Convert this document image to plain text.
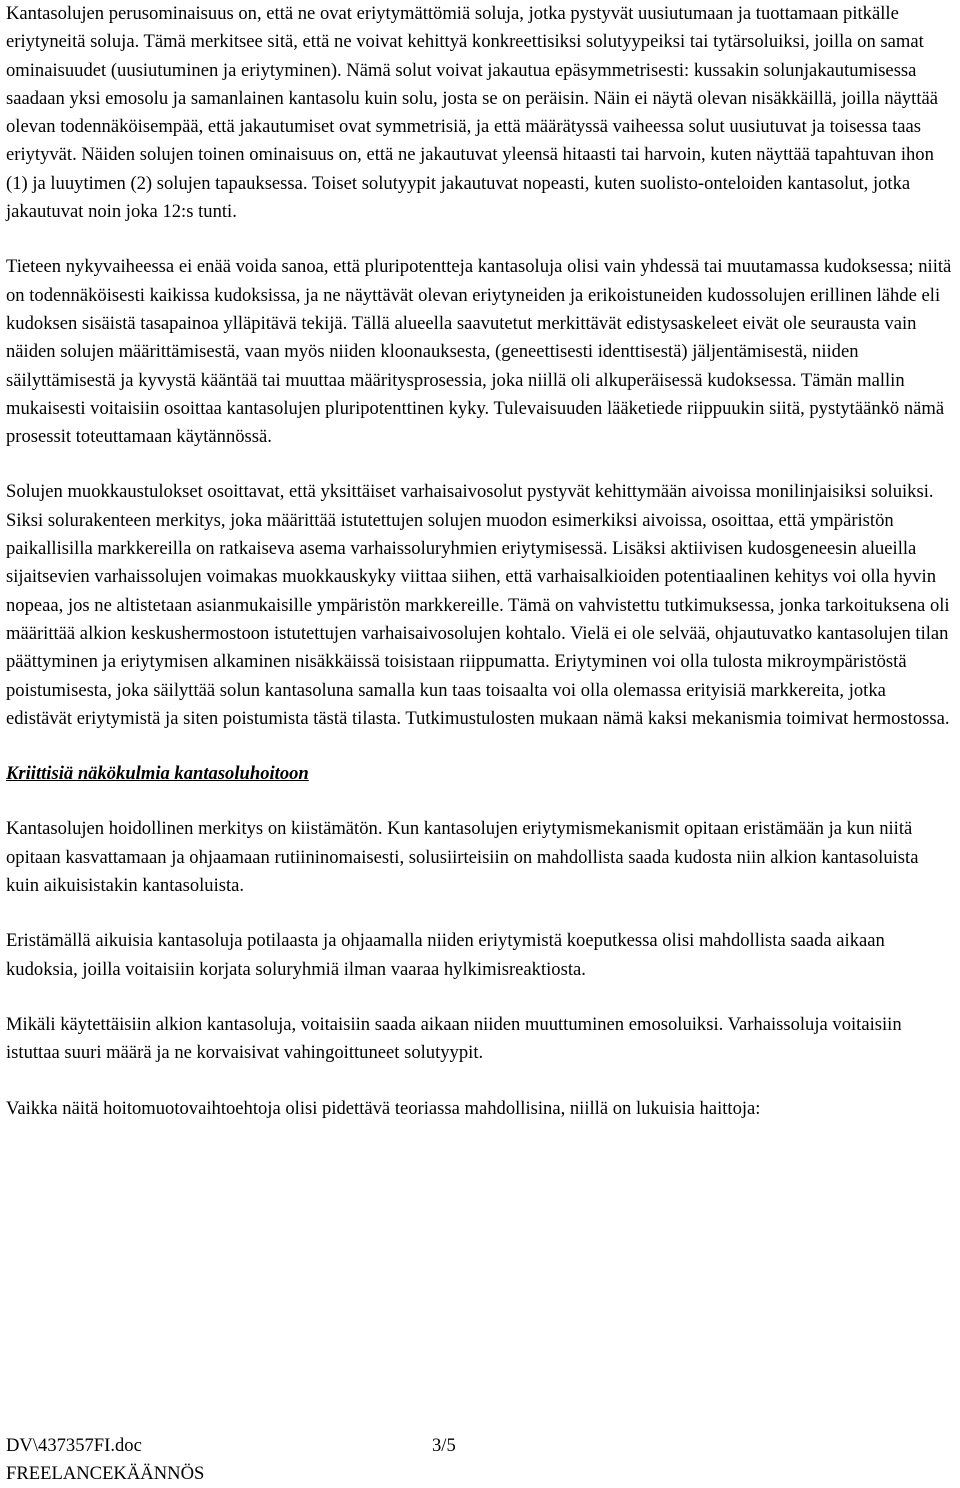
Kantasolujen perusominaisuus on, että ne ovat eriytymättömiä soluja, jotka pystyvät uusiutumaan ja tuottamaan pitkälle eriytyneitä soluja. Tämä merkitsee sitä, että ne voivat kehittyä konkreettisiksi solutyypeiksi tai tytärsoluiksi, joilla on samat ominaisuudet (uusiutuminen ja eriytyminen). Nämä solut voivat jakautua epäsymmetrisesti: kussakin solunjakautumisessa saadaan yksi emosolu ja samanlainen kantasolu kuin solu, josta se on peräisin. Näin ei näytä olevan nisäkkäillä, joilla näyttää olevan todennäköisempää, että jakautumiset ovat symmetrisiä, ja että määrätyssä vaiheessa solut uusiutuvat ja toisessa taas eriytyvät. Näiden solujen toinen ominaisuus on, että ne jakautuvat yleensä hitaasti tai harvoin, kuten näyttää tapahtuvan ihon (1) ja luuytimen (2) solujen tapauksessa. Toiset solutyypit jakautuvat nopeasti, kuten suolisto-onteloiden kantasolut, jotka jakautuvat noin joka 12:s tunti.

Tieteen nykyvaiheessa ei enää voida sanoa, että pluripotentteja kantasoluja olisi vain yhdessä tai muutamassa kudoksessa; niitä on todennäköisesti kaikissa kudoksissa, ja ne näyttävät olevan eriytyneiden ja erikoistuneiden kudossolujen erillinen lähde eli kudoksen sisäistä tasapainoa ylläpitävä tekijä. Tällä alueella saavutetut merkittävät edistysaskeleet eivät ole seurausta vain näiden solujen määrittämisestä, vaan myös niiden kloonauksesta, (geneettisesti identtisestä) jäljentämisestä, niiden säilyttämisestä ja kyvystä kääntää tai muuttaa määritysprosessia, joka niillä oli alkuperäisessä kudoksessa. Tämän mallin mukaisesti voitaisiin osoittaa kantasolujen pluripotenttinen kyky. Tulevaisuuden lääketiede riippuukin siitä, pystytäänkö nämä prosessit toteuttamaan käytännössä.

Solujen muokkaustulokset osoittavat, että yksittäiset varhaisaivosolut pystyvät kehittymään aivoissa monilinjaisiksi soluiksi. Siksi solurakenteen merkitys, joka määrittää istutettujen solujen muodon esimerkiksi aivoissa, osoittaa, että ympäristön paikallisilla markkereilla on ratkaiseva asema varhaissoluryhmien eriytymisessä. Lisäksi aktiivisen kudosgeneesin alueilla sijaitsevien varhaissolujen voimakas muokkauskyky viittaa siihen, että varhaisalkioiden potentiaalinen kehitys voi olla hyvin nopeaa, jos ne altistetaan asianmukaisille ympäristön markkereille. Tämä on vahvistettu tutkimuksessa, jonka tarkoituksena oli määrittää alkion keskushermostoon istutettujen varhaisaivosolujen kohtalo. Vielä ei ole selvää, ohjautuvatko kantasolujen tilan päättyminen ja eriytymisen alkaminen nisäkkäissä toisistaan riippumatta. Eriytyminen voi olla tulosta mikroympäristöstä poistumisesta, joka säilyttää solun kantasoluna samalla kun taas toisaalta voi olla olemassa erityisiä markkereita, jotka edistävät eriytymistä ja siten poistumista tästä tilasta. Tutkimustulosten mukaan nämä kaksi mekanismia toimivat hermostossa.

Kriittisiä näkökulmia kantasoluhoitoon

Kantasolujen hoidollinen merkitys on kiistämätön. Kun kantasolujen eriytymismekanismit opitaan eristämään ja kun niitä opitaan kasvattamaan ja ohjaamaan rutiininomaisesti, solusiirteisiin on mahdollista saada kudosta niin alkion kantasoluista kuin aikuisistakin kantasoluista.

Eristämällä aikuisia kantasoluja potilaasta ja ohjaamalla niiden eriytymistä koeputkessa olisi mahdollista saada aikaan kudoksia, joilla voitaisiin korjata soluryhmiä ilman vaaraa hylkimisreaktiosta.

Mikäli käytettäisiin alkion kantasoluja, voitaisiin saada aikaan niiden muuttuminen emosoluiksi. Varhaissoluja voitaisiin istuttaa suuri määrä ja ne korvaisivat vahingoittuneet solutyypit.

Vaikka näitä hoitomuotovaihtoehtoja olisi pidettävä teoriassa mahdollisina, niillä on lukuisia haittoja:

DV\437357FI.doc	3/5
FREELANCEKÄÄNNÖS
